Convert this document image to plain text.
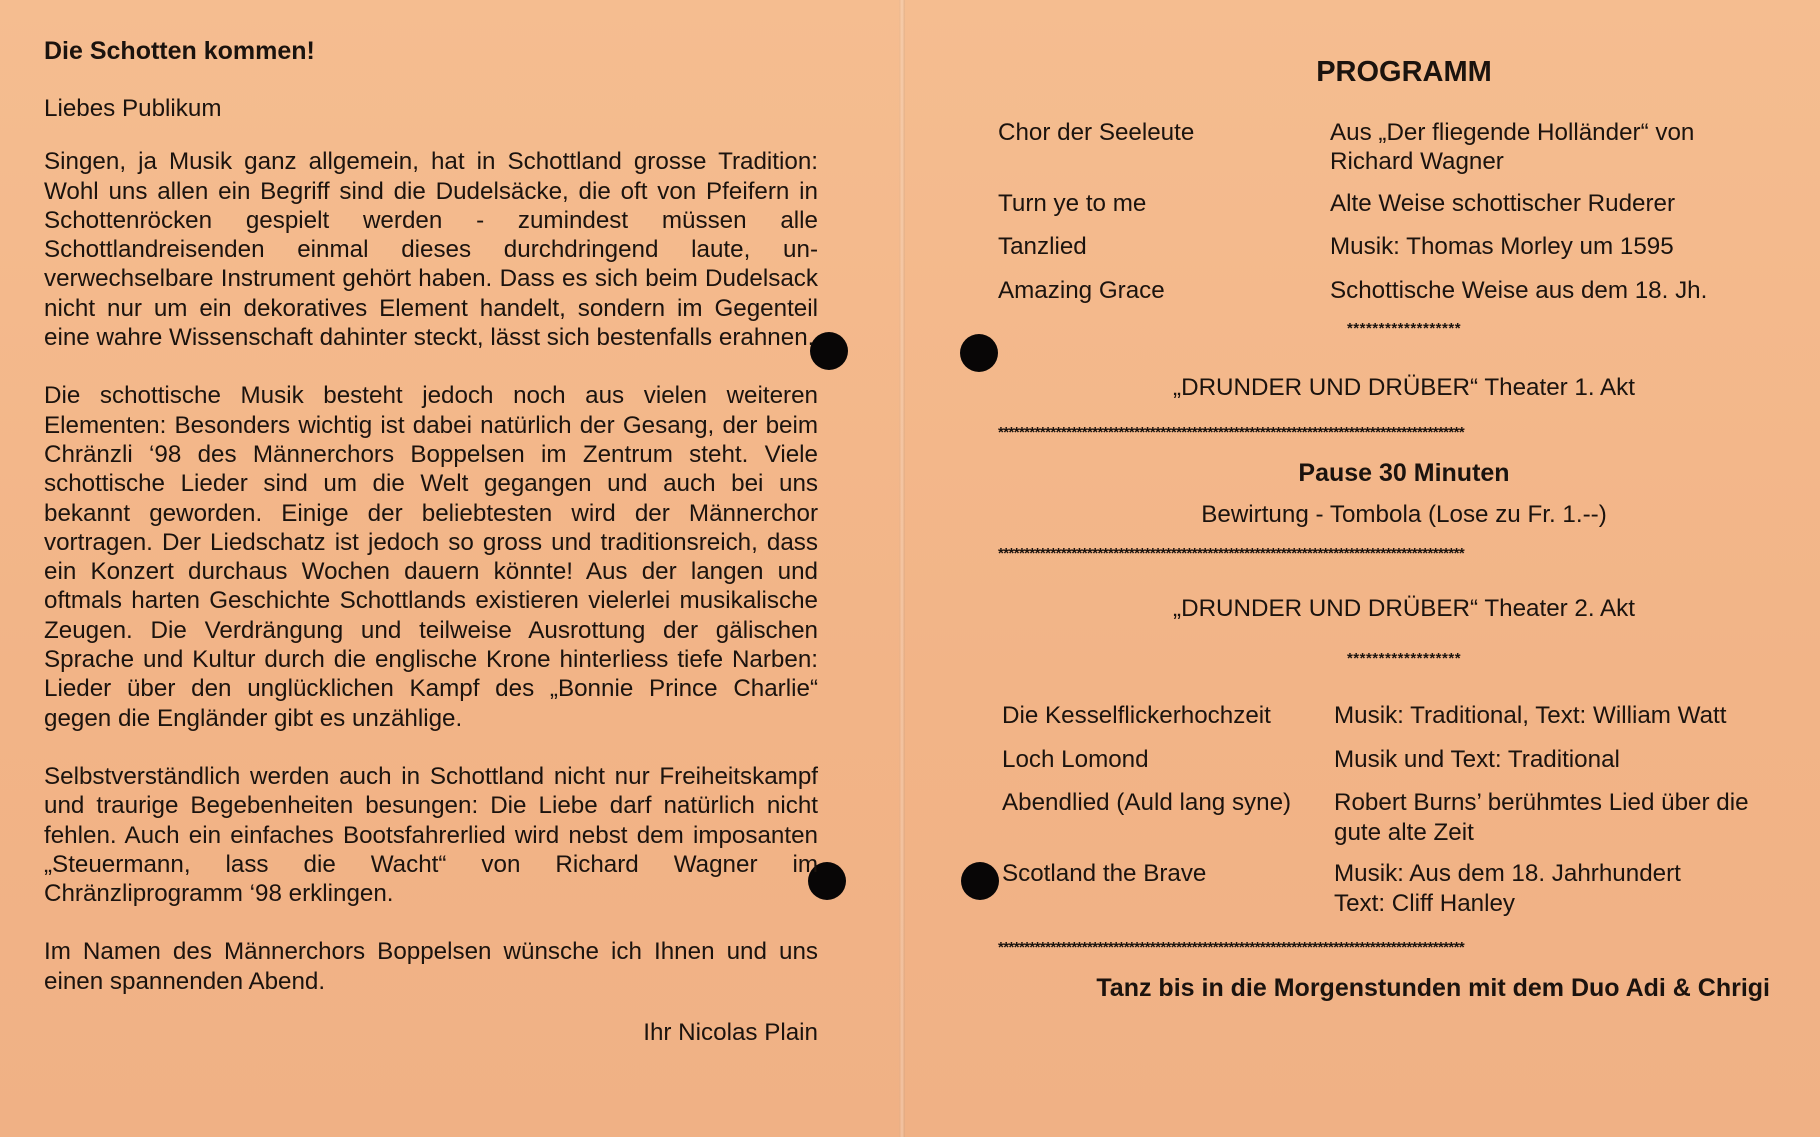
Die Schotten kommen!
Liebes Publikum

Singen, ja Musik ganz allgemein, hat in Schottland grosse Tradition: Wohl uns allen ein Begriff sind die Dudelsäcke, die oft von Pfeifern in Schottenröcken gespielt werden - zumindest müssen alle Schottlandreisenden einmal dieses durchdringend laute, unverwechselbare Instrument gehört haben. Dass es sich beim Dudelsack nicht nur um ein dekoratives Element handelt, sondern im Gegenteil eine wahre Wissenschaft dahinter steckt, lässt sich bestenfalls erahnen.

Die schottische Musik besteht jedoch noch aus vielen weiteren Elementen: Besonders wichtig ist dabei natürlich der Gesang, der beim Chränzli ‘98 des Männerchors Boppelsen im Zentrum steht. Viele schottische Lieder sind um die Welt gegangen und auch bei uns bekannt geworden. Einige der beliebtesten wird der Männerchor vortragen. Der Liedschatz ist jedoch so gross und traditionsreich, dass ein Konzert durchaus Wochen dauern könnte! Aus der langen und oftmals harten Geschichte Schottlands existieren vielerlei musikalische Zeugen. Die Verdrängung und teilweise Ausrottung der gälischen Sprache und Kultur durch die englische Krone hinterliess tiefe Narben: Lieder über den unglücklichen Kampf des „Bonnie Prince Charlie“ gegen die Engländer gibt es unzählige.

Selbstverständlich werden auch in Schottland nicht nur Freiheitskampf und traurige Begebenheiten besungen: Die Liebe darf natürlich nicht fehlen. Auch ein einfaches Bootsfahrerlied wird nebst dem imposanten „Steuermann, lass die Wacht“ von Richard Wagner im Chränzliprogramm ‘98 erklingen.

Im Namen des Männerchors Boppelsen wünsche ich Ihnen und uns einen spannenden Abend.

Ihr Nicolas Plain
PROGRAMM
Chor der Seeleute	Aus „Der fliegende Holländer“ von Richard Wagner
Turn ye to me	Alte Weise schottischer Ruderer
Tanzlied	Musik: Thomas Morley um 1595
Amazing Grace	Schottische Weise aus dem 18. Jh.
******************
„DRUNDER UND DRÜBER“ Theater 1. Akt
*****************************************************************************************
Pause 30 Minuten
Bewirtung - Tombola (Lose zu Fr. 1.--)
*****************************************************************************************
„DRUNDER UND DRÜBER“ Theater 2. Akt
******************
Die Kesselflickerhochzeit	Musik: Traditional, Text: William Watt
Loch Lomond	Musik und Text: Traditional
Abendlied (Auld lang syne)	Robert Burns’ berühmtes Lied über die gute alte Zeit
Scotland the Brave	Musik: Aus dem 18. Jahrhundert
Text: Cliff Hanley
*****************************************************************************************
Tanz bis in die Morgenstunden mit dem Duo Adi & Chrigi
